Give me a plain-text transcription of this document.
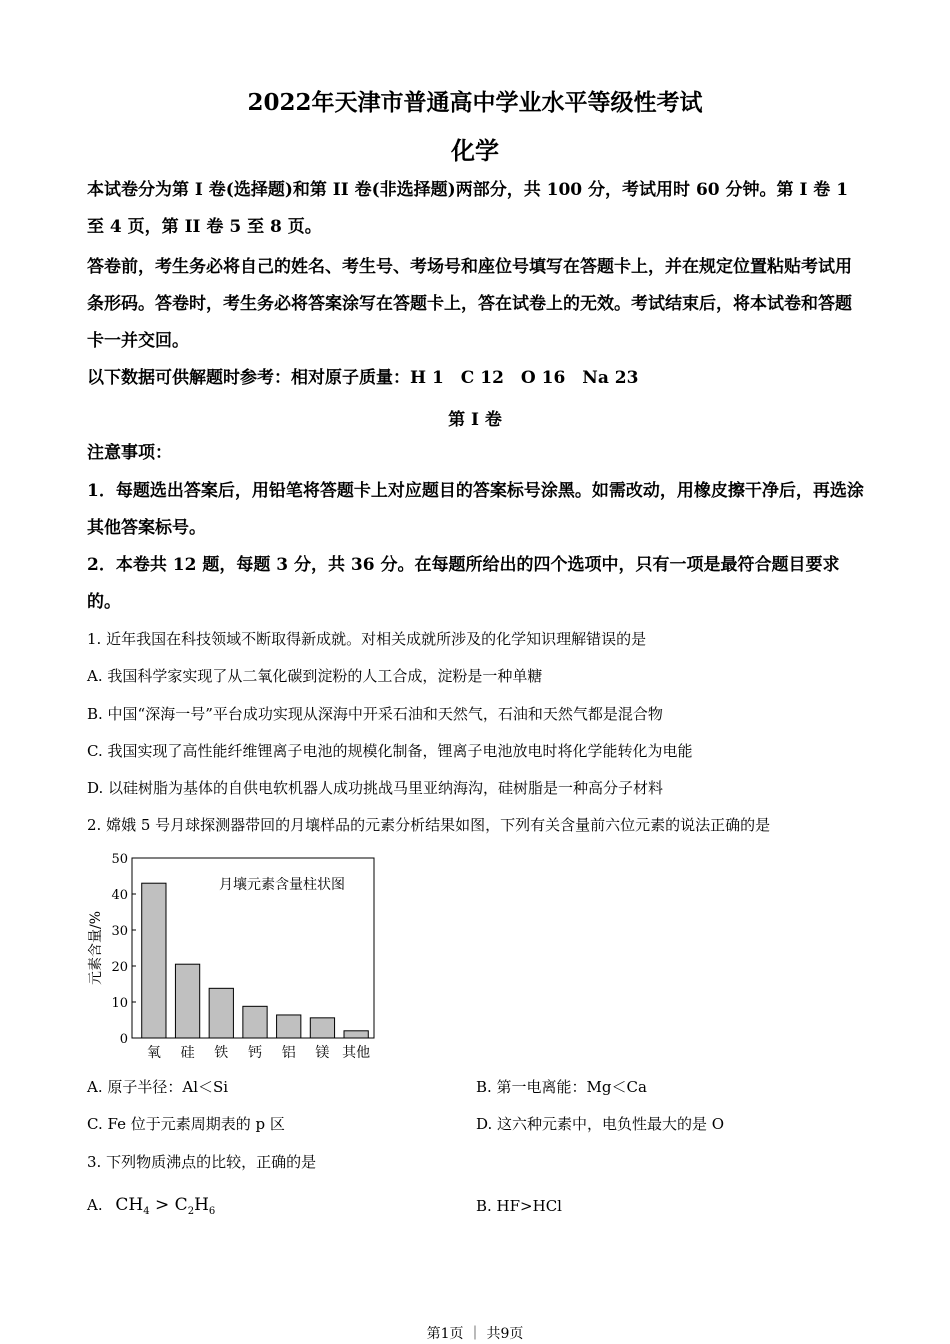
2022年天津市普通高中学业水平等级性考试
化学

本试卷分为第 I 卷(选择题)和第 II 卷(非选择题)两部分，共 100 分，考试用时 60 分钟。第 I 卷 1 至 4 页，第 II 卷 5 至 8 页。

答卷前，考生务必将自己的姓名、考生号、考场号和座位号填写在答题卡上，并在规定位置粘贴考试用条形码。答卷时，考生务必将答案涂写在答题卡上，答在试卷上的无效。考试结束后，将本试卷和答题卡一并交回。

以下数据可供解题时参考：相对原子质量：H 1　C 12　O 16　Na 23

第 I 卷

注意事项：

1．每题选出答案后，用铅笔将答题卡上对应题目的答案标号涂黑。如需改动，用橡皮擦干净后，再选涂其他答案标号。

2．本卷共 12 题，每题 3 分，共 36 分。在每题所给出的四个选项中，只有一项是最符合题目要求的。

1. 近年我国在科技领域不断取得新成就。对相关成就所涉及的化学知识理解错误的是
A. 我国科学家实现了从二氧化碳到淀粉的人工合成，淀粉是一种单糖
B. 中国“深海一号”平台成功实现从深海中开采石油和天然气，石油和天然气都是混合物
C. 我国实现了高性能纤维锂离子电池的规模化制备，锂离子电池放电时将化学能转化为电能
D. 以硅树脂为基体的自供电软机器人成功挑战马里亚纳海沟，硅树脂是一种高分子材料
2. 嫦娥 5 号月球探测器带回的月壤样品的元素分析结果如图，下列有关含量前六位元素的说法正确的是
0
10
20
30
40
50
元素含量/%
月壤元素含量柱状图
氧 硅 铁 钙 铝 镁 其他
A. 原子半径：Al＜Si	B. 第一电离能：Mg＜Ca
C. Fe 位于元素周期表的 p 区	D. 这六种元素中，电负性最大的是 O
3. 下列物质沸点的比较，正确的是
A. $CH_4 > C_2H_6$	B. HF>HCl
第1页 ｜ 共9页
